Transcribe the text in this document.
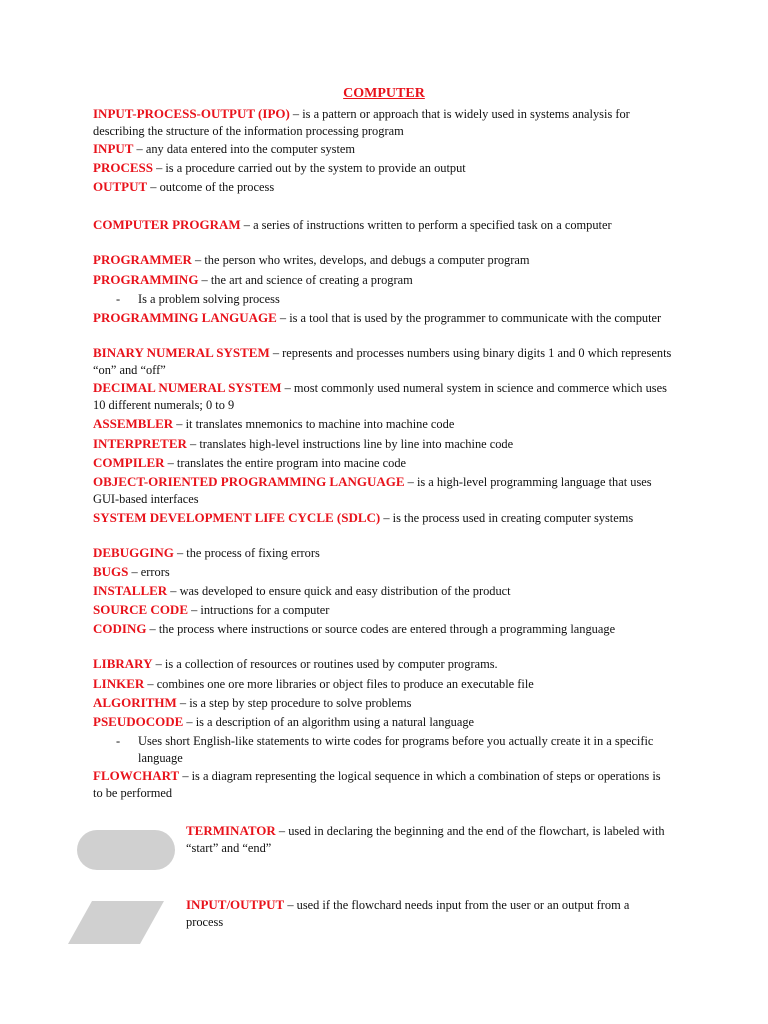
COMPUTER
INPUT-PROCESS-OUTPUT (IPO) – is a pattern or approach that is widely used in systems analysis for describing the structure of the information processing program
INPUT – any data entered into the computer system
PROCESS – is a procedure carried out by the system to provide an output
OUTPUT – outcome of the process
COMPUTER PROGRAM – a series of instructions written to perform a specified task on a computer
PROGRAMMER – the person who writes, develops, and debugs a computer program
PROGRAMMING – the art and science of creating a program
- Is a problem solving process
PROGRAMMING LANGUAGE – is a tool that is used by the programmer to communicate with the computer
BINARY NUMERAL SYSTEM – represents and processes numbers using binary digits 1 and 0 which represents “on” and “off”
DECIMAL NUMERAL SYSTEM – most commonly used numeral system in science and commerce which uses 10 different numerals; 0 to 9
ASSEMBLER – it translates mnemonics to machine into machine code
INTERPRETER – translates high-level instructions line by line into machine code
COMPILER – translates the entire program into macine code
OBJECT-ORIENTED PROGRAMMING LANGUAGE – is a high-level programming language that uses GUI-based interfaces
SYSTEM DEVELOPMENT LIFE CYCLE (SDLC) – is the process used in creating computer systems
DEBUGGING – the process of fixing errors
BUGS – errors
INSTALLER – was developed to ensure quick and easy distribution of the product
SOURCE CODE – intructions for a computer
CODING – the process where instructions or source codes are entered through a programming language
LIBRARY – is a collection of resources or routines used by computer programs.
LINKER – combines one ore more libraries or object files to produce an executable file
ALGORITHM – is a step by step procedure to solve problems
PSEUDOCODE – is a description of an algorithm using a natural language
- Uses short English-like statements to wirte codes for programs before you actually create it in a specific language
FLOWCHART – is a diagram representing the logical sequence in which a combination of steps or operations is to be performed
TERMINATOR – used in declaring the beginning and the end of the flowchart, is labeled with “start” and “end”
INPUT/OUTPUT – used if the flowchard needs input from the user or an output from a process
